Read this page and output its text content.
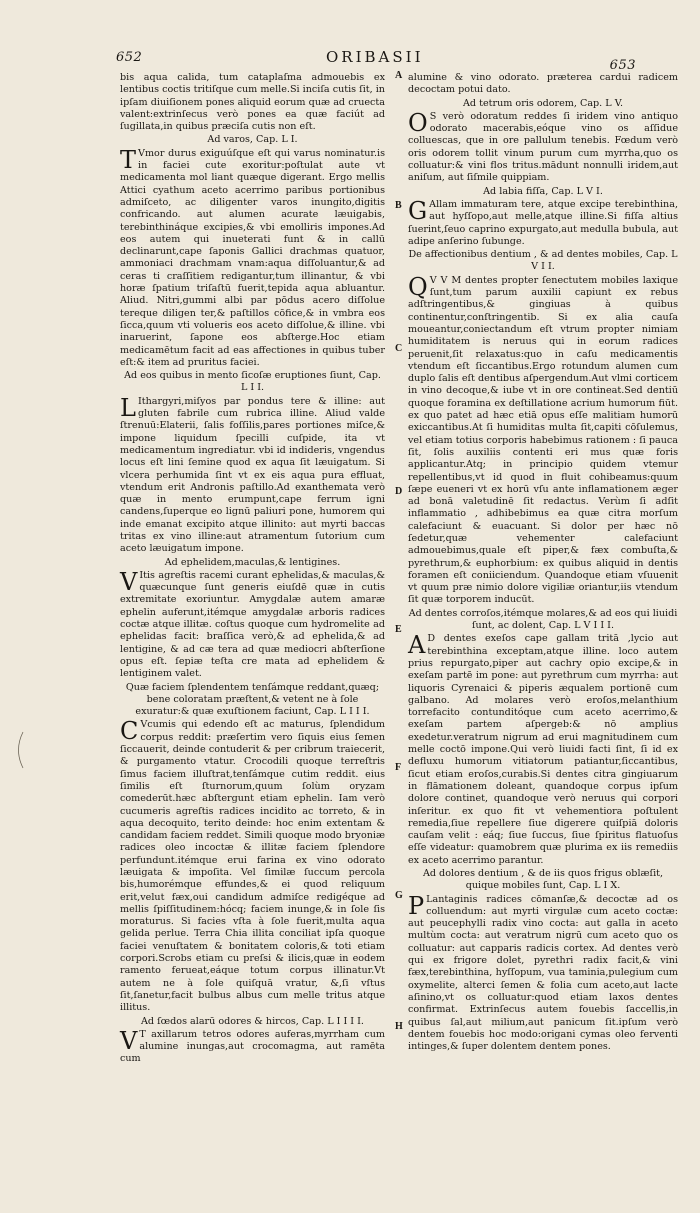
652	ORIBASII	653
bis aqua calida, tum cataplaſma admouebis ex lentibus coctis tritiſque cum melle.Si inciſa cutis ſit, in ipſam diuiſionem pones aliquid eorum quæ ad cruecta valent:extrinſecus verò pones ea quæ faciút ad ſugillata,in quibus præciſa cutis non eſt.
Ad varos, Cap. L I.
T Vmor durus exiguúſque eſt qui varus nominatur.is in faciei cute exoritur:poſtulat aute vt medicamenta mol liant quæque digerant. Ergo mellis Attici cyathum aceto acerrimo paribus portionibus admiſceto, ac diligenter varos inungito,digitis confricando. aut alumen acurate læuigabis, terebinthináque excipies,& vbi emolliris impones.Ad eos autem qui inueterati funt & in callū declinarunt,cape ſaponis Gallici drachmas quatuor, ammoniaci drachmam vnam:aqua diſſoluantur,& ad ceras ti craſſitiem redigantur,tum illinantur, & vbi horæ ſpatium triſaſtū fuerit,tepida aqua abluantur. Aliud. Nitri,gummi albi par pōdus acero diſſolue tereque diligen ter,& paſtillos cōfice,& in vmbra eos ſicca,quum vti volueris eos aceto diſſolue,& illine. vbi inaruerint, ſapone eos abſterge.Hoc etiam medicamētum facit ad eas affectiones in quibus tuber eſt:& item ad pruritus faciei.
Ad eos quibus in mento ſicoſæ eruptiones ſiunt, Cap. L I I.
L Ithargyri,miſyos par pondus tere & illine: aut gluten fabrile cum rubrica illine. Aliud valde ſtrenuū:Elaterii, ſalis foſſilis,pares portiones miſce,& impone liquidum ſpecilli cuſpide, ita vt medicamentum ingrediatur. vbi id indideris, vngendus locus eſt lini ſemine quod ex aqua ſit læuigatum. Si vlcera perhumida ſint vt ex eis aqua pura effluat, vtendum erit Andronis paſtillo.Ad exanthemata verò quæ in mento erumpunt,cape ferrum igni candens,ſuperque eo lignū paliuri pone, humorem qui inde emanat excipito atque illinito: aut myrti baccas tritas ex vino illine:aut atramentum ſutorium cum aceto læuigatum impone.
Ad ephelidem,maculas,& lentigines.
V Itis agreſtis racemi curant ephelidas,& maculas,& quæcunque ſunt generis eiuſdē quæ in cutis extremitate exoriuntur. Amygdalæ autem amaræ ephelin auferunt,itémque amygdalæ arboris radices coctæ atque illitæ. coſtus quoque cum hydromelite ad ephelidas facit: braſſica verò,& ad ephelida,& ad lentigine, & ad cæ tera ad quæ mediocri abſterſione opus eſt. ſepiæ teſta cre mata ad ephelidem & lentiginem valet.
Quæ faciem ſplendentem tenſámque reddant,quæq; bene coloratam præſtent,& vetent ne à ſole exuratur:& quæ exuſtionem faciunt, Cap. L I I I.
C Vcumis qui edendo eſt ac maturus, ſplendidum corpus reddit: præſertim vero ſiquis eius ſemen ſiccauerit, deinde contuderit & per cribrum traiecerit, & purgamento vtatur. Crocodili quoque terreſtris ſimus faciem illuſtrat,tenſámque cutim reddit. eius ſimilis eſt ſturnorum,quum ſolùm oryzam comederūt.hæc abſtergunt etiam ephelin. Iam verò cucumeris agreſtis radices incidito ac torreto, & in aqua decoquito, terito deinde: hoc enim extentam & candidam faciem reddet. Simili quoque modo bryoniæ radices oleo incoctæ & illitæ faciem ſplendore perfundunt.itémque erui farina ex vino odorato læuigata & impoſita. Vel ſimilæ ſuccum percola bis,humorémque effundes,& ei quod reliquum erit,velut fæx,oui candidum admiſce redigéque ad mellis ſpiſſitudinem:hócq; faciem inunge,& in ſole ſis moraturus. Si facies vſta à ſole fuerit,multa aqua gelida perlue. Terra Chia illita conciliat ipſa quoque faciei venuſtatem & bonitatem coloris,& toti etiam corpori.Scrobs etiam cu preſsi & ilicis,quæ in eodem ramento ferueat,eáque totum corpus illinatur.Vt autem ne à ſole quiſquā vratur, &,ſi vſtus ſit,ſanetur,facit bulbus albus cum melle tritus atque illitus.
Ad ſœdos alarū odores & hircos, Cap. L I I I I.
V T axillarum tetros odores auferas,myrrham cum alumine inungas,aut crocomagma, aut ramēta cum
alumine & vino odorato. præterea cardui radicem decoctam potui dato.
Ad tetrum oris odorem, Cap. L V.
O S verò odoratum reddes ſi iridem vino antiquo odorato macerabis,eóque vino os aſſidue colluescas, que in ore pallulum tenebis. Fœdum verò oris odorem tollit vinum purum cum myrrha,quo os colluatur:& vini flos tritus.mādunt nonnulli iridem,aut aniſum, aut ſiſmile quippiam.
Ad labia fiſſa, Cap. L V I.
G Allam immaturam tere, atque excipe terebinthina, aut hyſſopo,aut melle,atque illine.Si fiſſa altius ſuerint,ſeuo caprino expurgato,aut medulla bubula, aut adipe anſerino ſubunge.
De affectionibus dentium , & ad dentes mobiles, Cap. L V I I.
Q V V M dentes propter ſenectutem mobiles laxique ſunt,tum parum auxilii capiunt ex rebus adſtringentibus,& gingiuas à quibus continentur,conſtringentib. Si ex alia cauſa moueantur,coniectandum eſt vtrum propter nimiam humiditatem is neruus qui in eorum radices peruenit,ſit relaxatus:quo in caſu medicamentis vtendum eſt ſiccantibus.Ergo rotundum alumen cum duplo ſalis eſt dentibus aſpergendum.Aut vlmi corticem in vino decoque,& iube vt in ore contineat.Sed dentiū quoque foramina ex deſtillatione acrium humorum fiūt. ex quo patet ad hæc etiā opus eſſe malitiam humorū exiccantibus.At ſi humiditas multa ſit,capiti cōſulemus, vel etiam totius corporis habebimus rationem : ſi pauca ſit, ſolis auxiliis contenti eri mus quæ foris applicantur.Atq; in principio quidem vtemur repellentibus,vt id quod in fluit cohibeamus:quum ſæpe eueneri vt ex horū vſu ante inflamationem æger ad bonā valetudinē ſit redactus. Verùm ſi adſit inflammatio , adhibebimus ea quæ citra morſum calefaciunt & euacuant. Si dolor per hæc nō ſedetur,quæ vehementer calefaciunt admouebimus,quale eſt piper,& fæx combuſta,& pyrethrum,& euphorbium: ex quibus aliquid in dentis foramen eſt coniiciendum. Quandoque etiam vſuuenit vt quum præ nimio dolore vigiliæ oriantur,iis vtendum ſit quæ torporem inducūt.
Ad dentes corroſos,itémque molares,& ad eos qui liuidi ſunt, ac dolent, Cap. L V I I I.
A D dentes exeſos cape gallam tritā ,lycio aut terebinthina exceptam,atque illine. loco autem prius repurgato,piper aut cachry opio excipe,& in exeſam partē im pone: aut pyrethrum cum myrrha: aut liquoris Cyrenaici & piperis æqualem portionē cum galbano. Ad molares verò eroſos,melanthium torrefacito contunditóque cum aceto acerrimo,& exeſam partem aſpergeb:& nō amplius exedetur.veratrum nigrum ad erui magnitudinem cum melle coctō impone.Qui verò liuidi facti ſint, ſi id ex defluxu humorum vitiatorum patiantur,ſiccantibus, ſicut etiam eroſos,curabis.Si dentes citra gingiuarum in flāmationem doleant, quandoque corpus ipſum dolore continet, quandoque verò neruus qui corpori inſeritur. ex quo fit vt vehementiora poſtulent remedia,ſiue repellere ſiue digerere quiſpiā doloris cauſam velit : eáq; ſiue ſuccus, ſiue ſpiritus flatuoſus eſſe videatur: quamobrem quæ plurima ex iis remediis ex aceto acerrimo parantur.
Ad dolores dentium , & de iis quos frigus oblæſit, quique mobiles ſunt, Cap. L I X.
P Lantaginis radices cōmanſæ,& decoctæ ad os colluendum: aut myrti virgulæ cum aceto coctæ: aut peucephylli radix vino cocta: aut galla in aceto multùm cocta: aut veratrum nigrū cum aceto quo os colluatur: aut capparis radicis cortex. Ad dentes verò qui ex frigore dolet, pyrethri radix facit,& vini fæx,terebinthina, hyſſopum, vua taminia,pulegium cum oxymelite, alterci ſemen & folia cum aceto,aut lacte aſinino,vt os colluatur:quod etiam laxos dentes confirmat. Extrinſecus autem fouebis ſaccellis,in quibus ſal,aut milium,aut panicum ſit.ipſum verò dentem fouebis hoc modo:origani cymas oleo ferventi intinges,& ſuper dolentem dentem pones.
A
B
C
D
E
F
G
H
